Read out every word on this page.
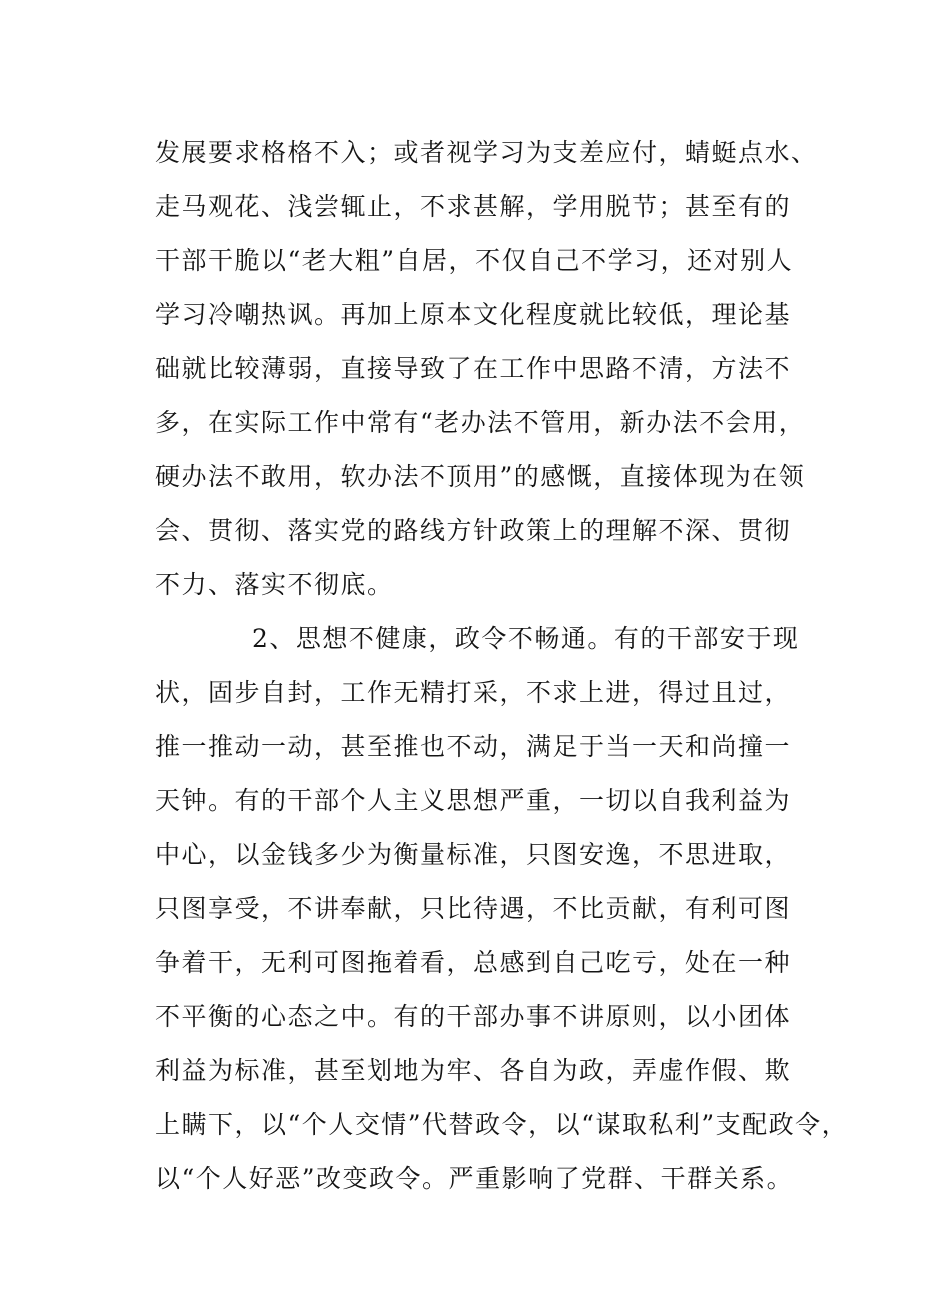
发展要求格格不入；或者视学习为支差应付，蜻蜓点水、
走马观花、浅尝辄止，不求甚解，学用脱节；甚至有的
干部干脆以“老大粗”自居，不仅自己不学习，还对别人
学习冷嘲热讽。再加上原本文化程度就比较低，理论基
础就比较薄弱，直接导致了在工作中思路不清，方法不
多，在实际工作中常有“老办法不管用，新办法不会用，
硬办法不敢用，软办法不顶用”的感慨，直接体现为在领
会、贯彻、落实党的路线方针政策上的理解不深、贯彻
不力、落实不彻底。
2、思想不健康，政令不畅通。有的干部安于现
状，固步自封，工作无精打采，不求上进，得过且过，
推一推动一动，甚至推也不动，满足于当一天和尚撞一
天钟。有的干部个人主义思想严重，一切以自我利益为
中心，以金钱多少为衡量标准，只图安逸，不思进取，
只图享受，不讲奉献，只比待遇，不比贡献，有利可图
争着干，无利可图拖着看，总感到自己吃亏，处在一种
不平衡的心态之中。有的干部办事不讲原则，以小团体
利益为标准，甚至划地为牢、各自为政，弄虚作假、欺
上瞒下，以“个人交情”代替政令，以“谋取私利”支配政令，
以“个人好恶”改变政令。严重影响了党群、干群关系。
